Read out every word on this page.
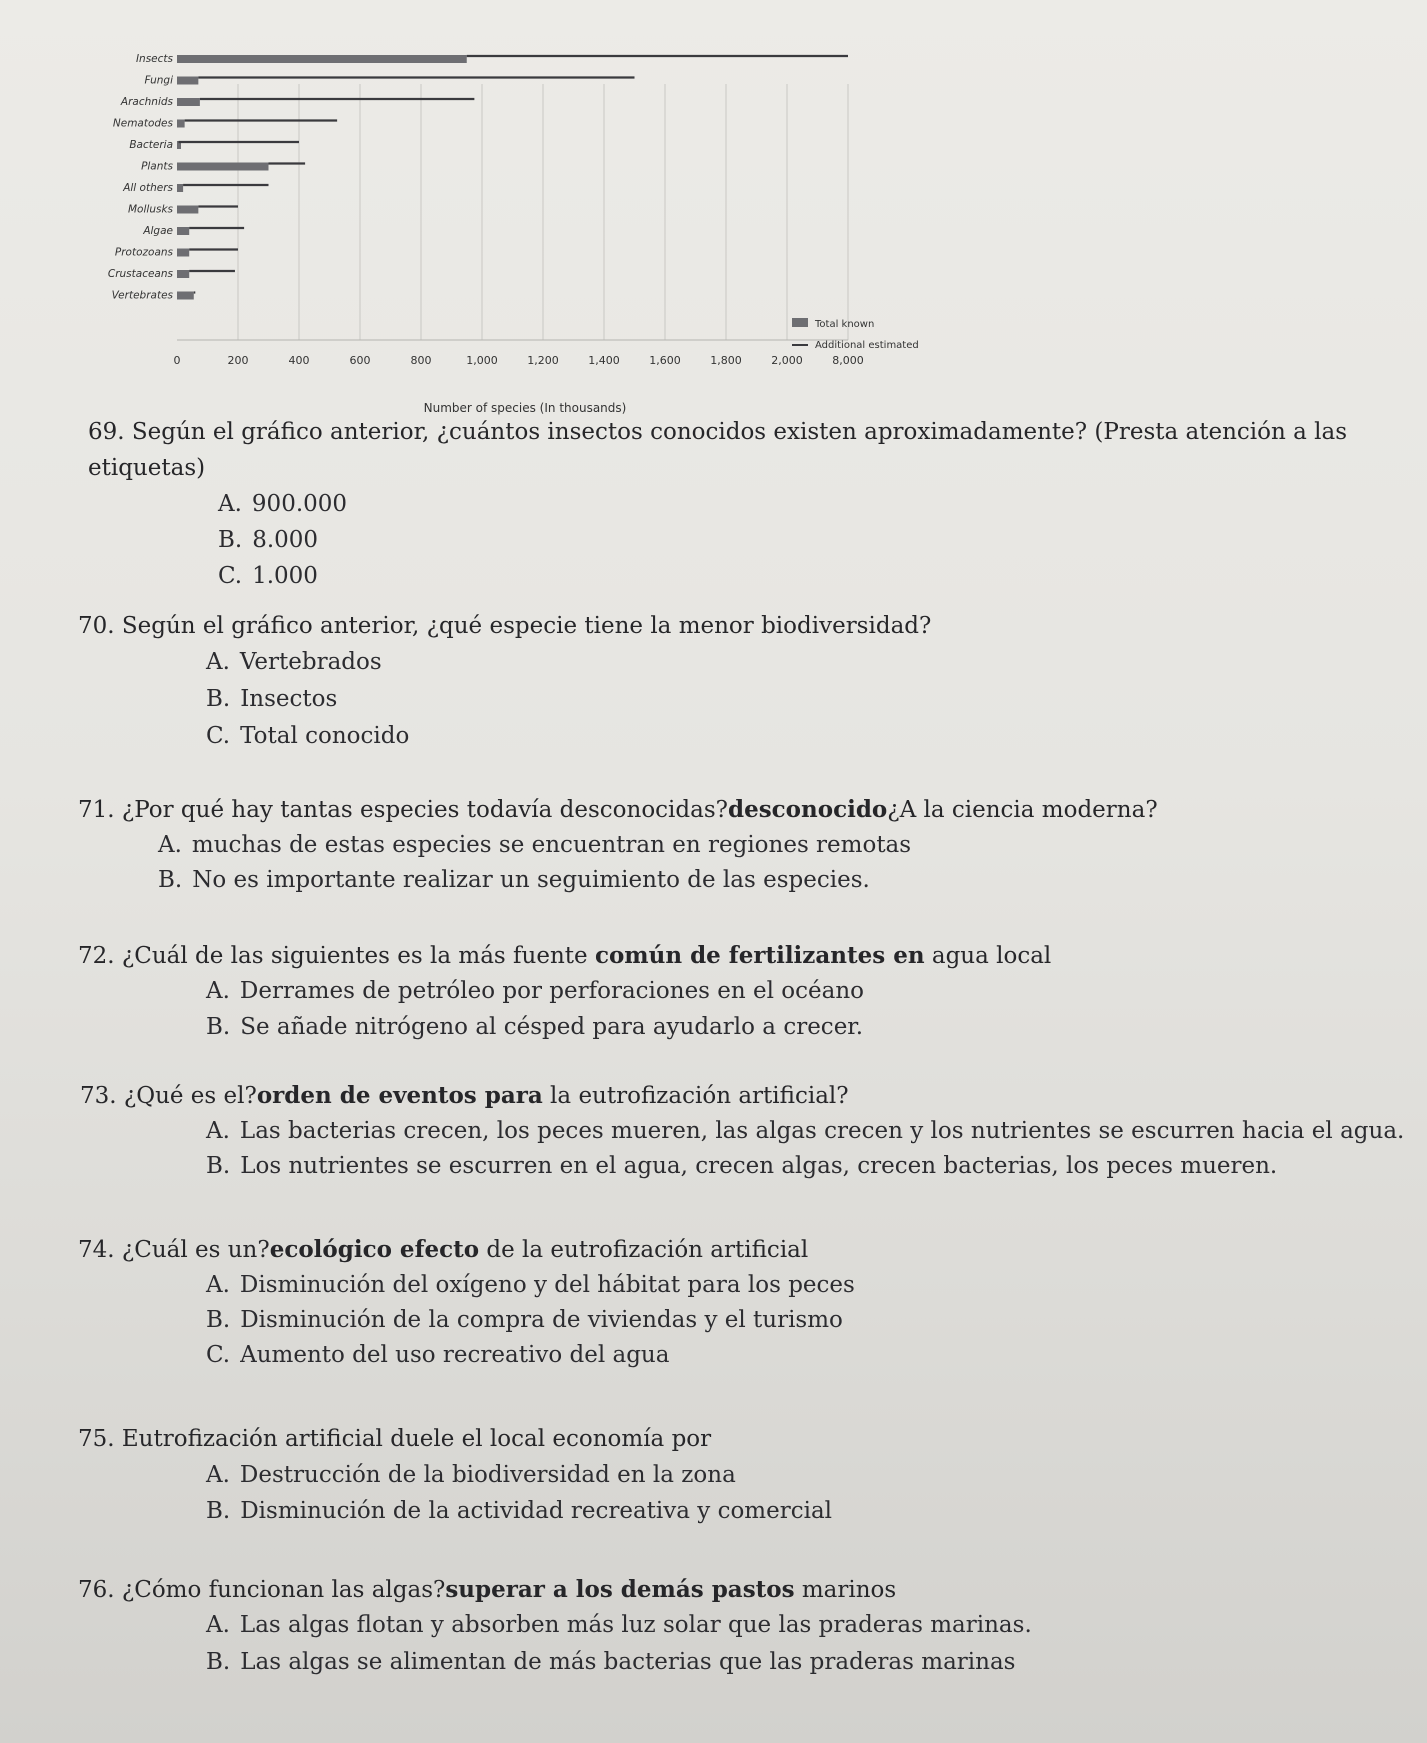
Insects
Fungi
Arachnids
Nematodes
Bacteria
Plants
All others
Mollusks
Algae
Protozoans
Crustaceans
Vertebrates
0	200	400	600	800	1,000	1,200	1,400	1,600	1,800	2,000	8,000
Number of species (In thousands)
Total known
Additional estimated
69. Según el gráfico anterior, ¿cuántos insectos conocidos existen aproximadamente? (Presta atención a las
etiquetas)
A. 900.000
B. 8.000
C. 1.000
70. Según el gráfico anterior, ¿qué especie tiene la menor biodiversidad?
A. Vertebrados
B. Insectos
C. Total conocido
71. ¿Por qué hay tantas especies todavía desconocidas?desconocido¿A la ciencia moderna?
A. muchas de estas especies se encuentran en regiones remotas
B. No es importante realizar un seguimiento de las especies.
72. ¿Cuál de las siguientes es la más fuente común de fertilizantes en agua local
A. Derrames de petróleo por perforaciones en el océano
B. Se añade nitrógeno al césped para ayudarlo a crecer.
73. ¿Qué es el?orden de eventos para la eutrofización artificial?
A. Las bacterias crecen, los peces mueren, las algas crecen y los nutrientes se escurren hacia el agua.
B. Los nutrientes se escurren en el agua, crecen algas, crecen bacterias, los peces mueren.
74. ¿Cuál es un?ecológico efecto de la eutrofización artificial
A. Disminución del oxígeno y del hábitat para los peces
B. Disminución de la compra de viviendas y el turismo
C. Aumento del uso recreativo del agua
75. Eutrofización artificial duele el local economía por
A. Destrucción de la biodiversidad en la zona
B. Disminución de la actividad recreativa y comercial
76. ¿Cómo funcionan las algas?superar a los demás pastos marinos
A. Las algas flotan y absorben más luz solar que las praderas marinas.
B. Las algas se alimentan de más bacterias que las praderas marinas
